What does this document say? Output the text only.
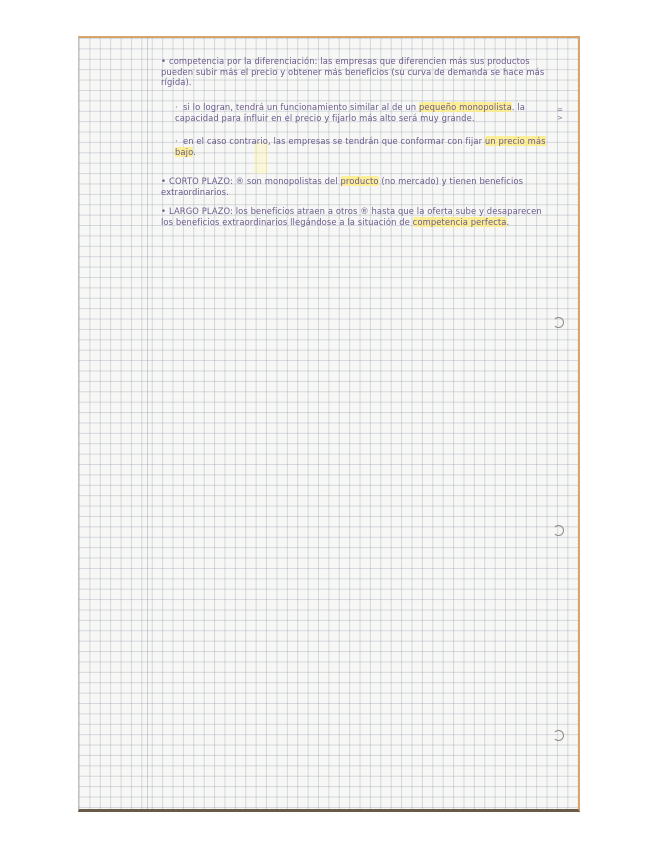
• competencia por la diferenciación: las empresas que diferencien más sus productos pueden subir más el precio y obtener más beneficios (su curva de demanda se hace más rígida).
· si lo logran, tendrá un funcionamiento similar al de un pequeño monopolista. la capacidad para influir en el precio y fijarlo más alto será muy grande.
· en el caso contrario, las empresas se tendrán que conformar con fijar un precio más bajo.
• CORTO PLAZO: ® son monopolistas del producto (no mercado) y tienen beneficios extraordinarios.
• LARGO PLAZO: los beneficios atraen a otros ® hasta que la oferta sube y desaparecen los beneficios extraordinarios llegándose a la situación de competencia perfecta.
=
>
